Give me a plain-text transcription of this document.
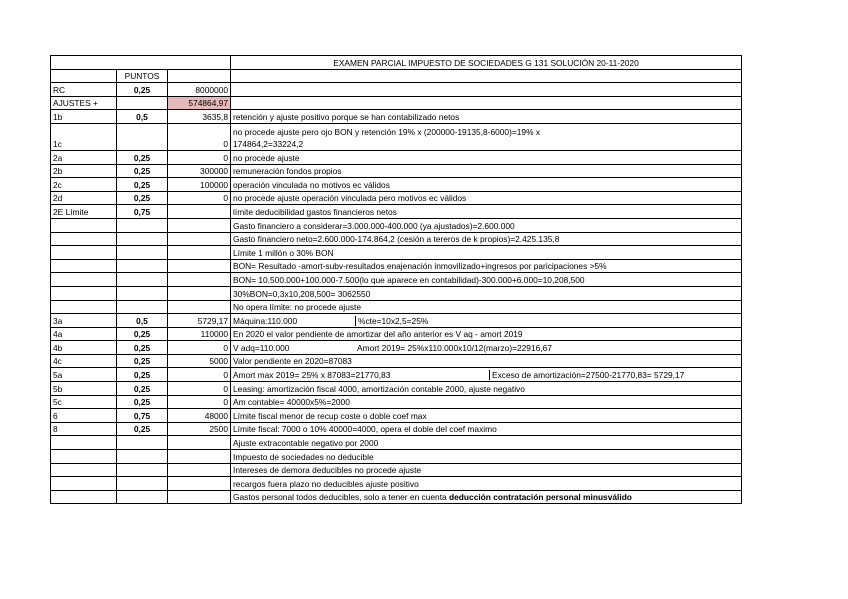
			EXAMEN PARCIAL IMPUESTO DE SOCIEDADES G 131 SOLUCIÓN 20-11-2020
	PUNTOS		
RC	0,25	8000000	
AJUSTES +		574864,97	
1b	0,5	3635,8	retención y ajuste positivo porque se han contabilizado netos
1c		0	no procede ajuste pero ojo BON y retención 19% x (200000-19135,8-6000)=19% x
174864,2=33224,2

2a	0,25	0	no procede ajuste
2b	0,25	300000	remuneración fondos propios
2c	0,25	100000	operación vinculada no motivos ec válidos
2d	0,25	0	no procede ajuste operación vinculada pero motivos ec válidos
2E Límite	0,75		límite deducibilidad gastos financieros netos
			Gasto financiero a considerar=3.000.000-400.000 (ya ajustados)=2.600.000
			Gasto financiero neto=2.600.000-174.864,2 (cesión a tereros de k propios)=2.425.135,8
			Límite 1 millón o 30% BON
			BON= Resultado -amort-subv-resultados enajenación inmovilizado+ingresos por paricipaciones >5%
			BON= 10.500.000+100.000-7.500(lo que aparece en contabilidad)-300.000+6.000=10,208,500
			30%BON=0,3x10,208,500= 3062550
			No opera límite: no procede ajuste
3a	0,5	5729,17	Máquina:110.000 %cte=10x2,5=25%
4a	0,25	110000	En 2020 el valor pendiente de amortizar del año anterior es V aq - amort 2019
4b	0,25	0	V adq=110.000 Amort 2019= 25%x110.000x10/12(marzo)=22916,67
4c	0,25	5000	Valor pendiente en 2020=87083
5a	0,25	0	Amort max 2019= 25% x 87083=21770,83 Exceso de amortización=27500-21770,83= 5729,17
5b	0,25	0	Leasing: amortización fiscal 4000, amortización contable 2000, ajuste negativo
5c	0,25	0	Am contable= 40000x5%=2000
6	0,75	48000	Límite fiscal menor de recup coste o doble coef max
8	0,25	2500	Límite fiscal: 7000 o 10% 40000=4000, opera el doble del coef maximo
			Ajuste extracontable negativo por 2000
			Impuesto de sociedades no deducible
			Intereses de demora deducibles no procede ajuste
			recargos fuera plazo no deducibles ajuste positivo
			Gastos personal todos deducibles, solo a tener en cuenta deducción contratación personal minusválido
